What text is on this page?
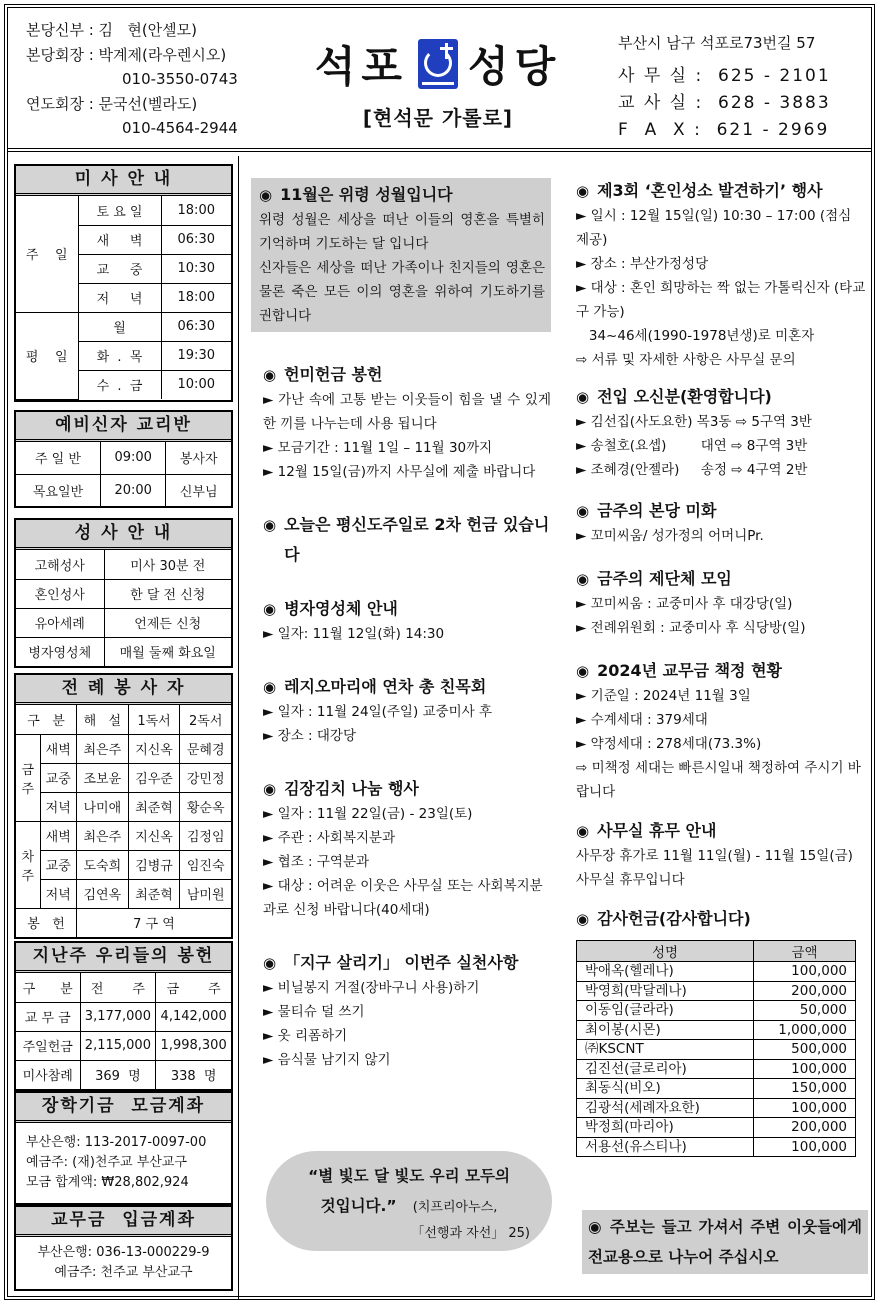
본당신부 : 김   현(안셀모)
본당회장 : 박계제(라우렌시오)
010-3550-0743
연도회장 : 문국선(벨라도)
010-4564-2944
석포 성당
[현석문 가롤로]
부산시 남구 석포로73번길 57
사 무 실 :  625 - 2101
교 사 실 :  628 - 3883
F  A  X :  621 - 2969
미 사 안 내
주    일	토 요 일	18:00
	새     벽	06:30
	교     중	10:30
	저     녁	18:00
평    일	월	06:30
	화  .  목	19:30
	수  .  금	10:00
예비신자 교리반
주 일 반	09:00	봉사자
목요일반	20:00	신부님
성 사 안 내
고해성사	미사 30분 전
혼인성사	한 달 전 신청
유아세례	언제든 신청
병자영성체	매월 둘째 화요일
전 례 봉 사 자
구   분		해   설	1독서	2독서
금주	새벽	최은주	지신옥	문혜경
	교중	조보윤	김우준	강민정
	저녁	나미애	최준혁	황순옥
차주	새벽	최은주	지신옥	김정임
	교중	도숙희	김병규	임진숙
	저녁	김연옥	최준혁	남미원
봉   헌		7 구 역		
지난주 우리들의 봉헌
구      분	전       주	금       주
교 무 금	3,177,000	4,142,000
주일헌금	2,115,000	1,998,300
미사참례	369  명	338  명
장학기금  모금계좌
부산은행: 113-2017-0097-00
예금주: (재)천주교 부산교구
모금 합계액: ₩28,802,924
교무금  입금계좌
부산은행: 036-13-000229-9
예금주: 천주교 부산교구
◉ 11월은 위령 성월입니다
위령 성월은 세상을 떠난 이들의 영혼을 특별히 기억하며 기도하는 달 입니다
신자들은 세상을 떠난 가족이나 친지들의 영혼은 물론 죽은 모든 이의 영혼을 위하여 기도하기를 권합니다
◉ 헌미헌금 봉헌
► 가난 속에 고통 받는 이웃들이 힘을 낼 수 있게 한 끼를 나누는데 사용 됩니다
► 모금기간 : 11월 1일 – 11월 30까지
► 12월 15일(금)까지 사무실에 제출 바랍니다
◉ 오늘은 평신도주일로 2차 헌금 있습니다
◉ 병자영성체 안내
► 일자: 11월 12일(화) 14:30
◉ 레지오마리애 연차 총 친목회
► 일자 : 11월 24일(주일) 교중미사 후
► 장소 : 대강당
◉ 김장김치 나눔 행사
► 일자 : 11월 22일(금) - 23일(토)
► 주관 : 사회복지분과
► 협조 : 구역분과
► 대상 : 어려운 이웃은 사무실 또는 사회복지분과로 신청 바랍니다(40세대)
◉ 「지구 살리기」 이번주 실천사항
► 비닐봉지 거절(장바구니 사용)하기
► 물티슈 덜 쓰기
► 옷 리폼하기
► 음식물 남기지 않기
“별 빛도 달 빛도 우리 모두의
것입니다.” (치프리아누스,
「선행과 자선」 25)
◉ 제3회 ‘혼인성소 발견하기’ 행사
► 일시 : 12월 15일(일) 10:30 – 17:00 (점심 제공)
► 장소 : 부산가정성당
► 대상 : 혼인 희망하는 짝 없는 가톨릭신자 (타교구 가능)
34~46세(1990-1978년생)로 미혼자
⇨ 서류 및 자세한 사항은 사무실 문의
◉ 전입 오신분(환영합니다)
► 김선집(사도요한) 목3동 ⇨ 5구역 3반
► 송철호(요셉)        대연 ⇨ 8구역 3반
► 조혜경(안젤라)     송정 ⇨ 4구역 2반
◉ 금주의 본당 미화
► 꼬미씨움/ 성가정의 어머니Pr.
◉ 금주의 제단체 모임
► 꼬미씨움 : 교중미사 후 대강당(일)
► 전례위원회 : 교중미사 후 식당방(일)
◉ 2024년 교무금 책정 현황
► 기준일 : 2024년 11월 3일
► 수계세대 : 379세대
► 약정세대 : 278세대(73.3%)
⇨ 미책정 세대는 빠른시일내 책정하여 주시기 바랍니다
◉ 사무실 휴무 안내
사무장 휴가로 11월 11일(월) - 11월 15일(금) 사무실 휴무입니다
◉ 감사헌금(감사합니다)
성명	금액
박애옥(헬레나)	100,000
박영희(막달레나)	200,000
이동임(글라라)	50,000
최이봉(시몬)	1,000,000
㈜KSCNT	500,000
김진선(글로리아)	100,000
최동식(비오)	150,000
김광석(세례자요한)	100,000
박정희(마리아)	200,000
서용선(유스티나)	100,000
◉ 주보는 들고 가셔서 주변 이웃들에게 전교용으로 나누어 주십시오
